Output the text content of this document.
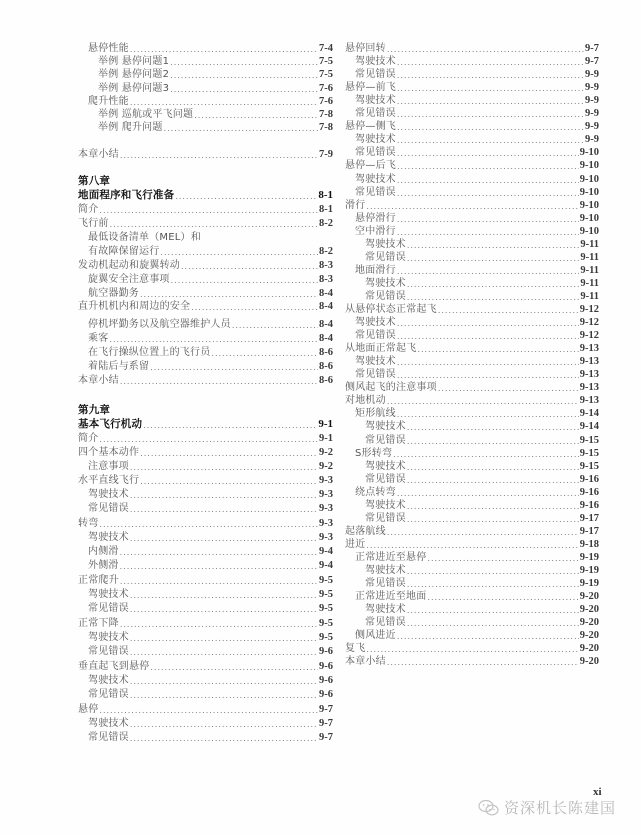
悬停性能 .....	7-4
举例 悬停问题1 .....	7-5
举例 悬停问题2 .....	7-5
举例 悬停问题3 .....	7-6
爬升性能 .....	7-6
举例 巡航或平飞问题 .....	7-8
举例 爬升问题 .....	7-8
本章小结 .....	7-9
第八章
地面程序和飞行准备 .....	8-1
简介 .....	8-1
飞行前 .....	8-2
最低设备清单（MEL）和
有故障保留运行 .....	8-2
发动机起动和旋翼转动 .....	8-3
旋翼安全注意事项 .....	8-3
航空器勤务 .....	8-4
直升机机内和周边的安全 .....	8-4
停机坪勤务以及航空器维护人员 .....	8-4
乘客 .....	8-4
在飞行操纵位置上的飞行员 .....	8-6
着陆后与系留 .....	8-6
本章小结 .....	8-6
第九章
基本飞行机动 .....	9-1
简介 .....	9-1
四个基本动作 .....	9-2
注意事项 .....	9-2
水平直线飞行 .....	9-3
驾驶技术 .....	9-3
常见错误 .....	9-3
转弯 .....	9-3
驾驶技术 .....	9-3
内侧滑 .....	9-4
外侧滑 .....	9-4
正常爬升 .....	9-5
驾驶技术 .....	9-5
常见错误 .....	9-5
正常下降 .....	9-5
驾驶技术 .....	9-5
常见错误 .....	9-6
垂直起飞到悬停 .....	9-6
驾驶技术 .....	9-6
常见错误 .....	9-6
悬停 .....	9-7
驾驶技术 .....	9-7
常见错误 .....	9-7
悬停回转 .....	9-7
驾驶技术 .....	9-7
常见错误 .....	9-9
悬停—前飞 .....	9-9
驾驶技术 .....	9-9
常见错误 .....	9-9
悬停—侧飞 .....	9-9
驾驶技术 .....	9-9
常见错误 .....	9-10
悬停—后飞 .....	9-10
驾驶技术 .....	9-10
常见错误 .....	9-10
滑行 .....	9-10
悬停滑行 .....	9-10
空中滑行 .....	9-10
驾驶技术 .....	9-11
常见错误 .....	9-11
地面滑行 .....	9-11
驾驶技术 .....	9-11
常见错误 .....	9-11
从悬停状态正常起飞 .....	9-12
驾驶技术 .....	9-12
常见错误 .....	9-12
从地面正常起飞 .....	9-13
驾驶技术 .....	9-13
常见错误 .....	9-13
侧风起飞的注意事项 .....	9-13
对地机动 .....	9-13
矩形航线 .....	9-14
驾驶技术 .....	9-14
常见错误 .....	9-15
S形转弯 .....	9-15
驾驶技术 .....	9-15
常见错误 .....	9-16
绕点转弯 .....	9-16
驾驶技术 .....	9-16
常见错误 .....	9-17
起落航线 .....	9-17
进近 .....	9-18
正常进近至悬停 .....	9-19
驾驶技术 .....	9-19
常见错误 .....	9-19
正常进近至地面 .....	9-20
驾驶技术 .....	9-20
常见错误 .....	9-20
侧风进近 .....	9-20
复飞 .....	9-20
本章小结 .....	9-20
xi
资深机长陈建国
